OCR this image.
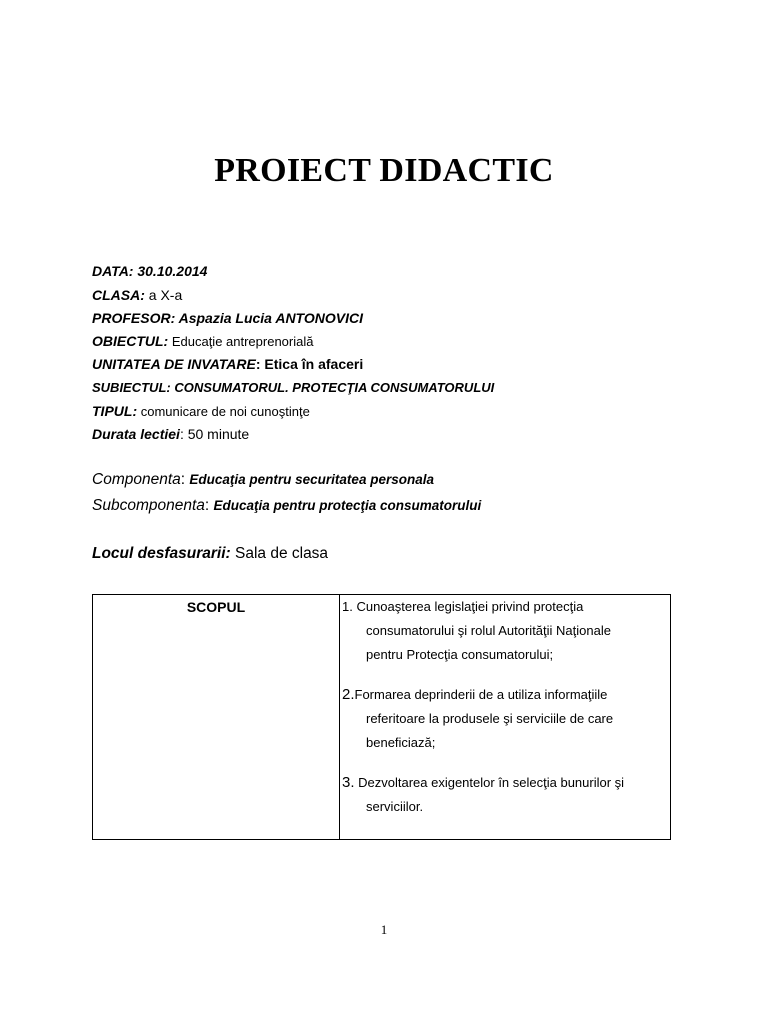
PROIECT DIDACTIC
DATA: 30.10.2014
CLASA: a X-a
PROFESOR: Aspazia Lucia ANTONOVICI
OBIECTUL: Educaţie antreprenorială
UNITATEA DE INVATARE: Etica în afaceri
SUBIECTUL: CONSUMATORUL. PROTECŢIA CONSUMATORULUI
TIPUL: comunicare de noi cunoştinţe
Durata lectiei: 50 minute
Componenta: Educaţia pentru securitatea personala
Subcomponenta: Educaţia pentru protecţia consumatorului
Locul desfasurarii: Sala de clasa
SCOPUL	1. Cunoaşterea legislaţiei privind protecţia
consumatorului şi rolul Autorităţii Naţionale
pentru Protecţia consumatorului;
2.Formarea deprinderii de a utiliza informaţiile
referitoare la produsele şi serviciile de care
beneficiază;
3. Dezvoltarea exigentelor în selecţia bunurilor şi
serviciilor.
1
